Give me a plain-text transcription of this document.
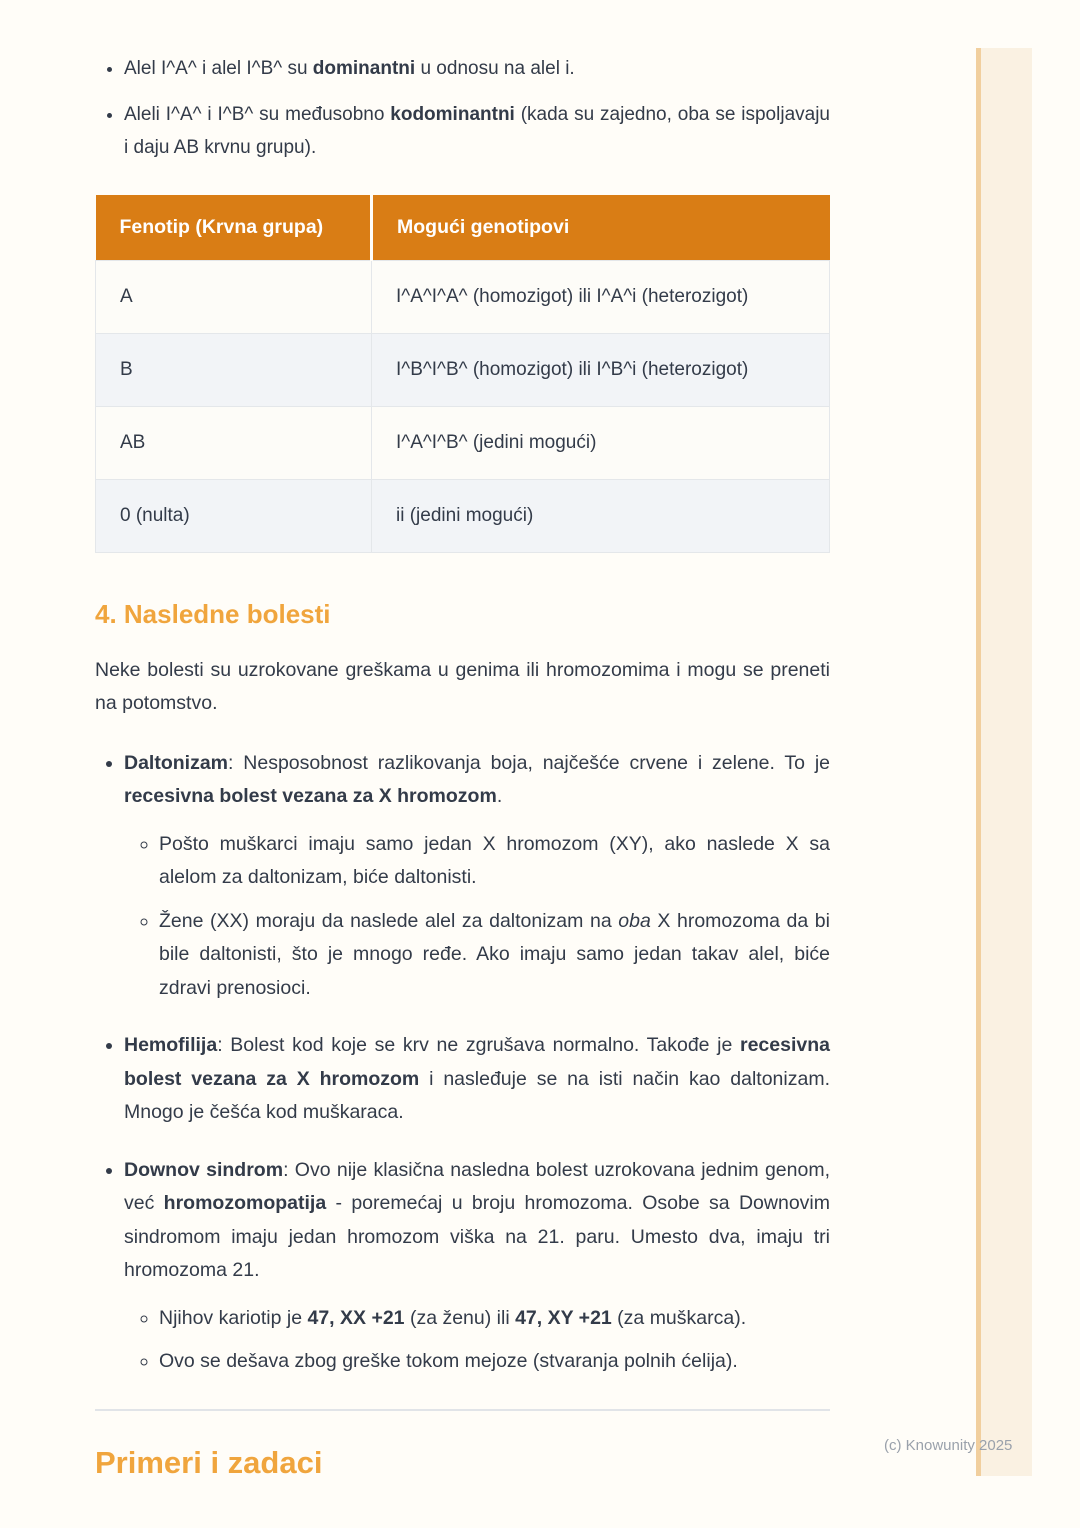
• Alel I^A^ i alel I^B^ su dominantni u odnosu na alel i.
• Aleli I^A^ i I^B^ su međusobno kodominantni (kada su zajedno, oba se ispoljavaju i daju AB krvnu grupu).
Fenotip (Krvna grupa)	Mogući genotipovi
A	I^A^I^A^ (homozigot) ili I^A^i (heterozigot)
B	I^B^I^B^ (homozigot) ili I^B^i (heterozigot)
AB	I^A^I^B^ (jedini mogući)
0 (nulta)	ii (jedini mogući)
4. Nasledne bolesti

Neke bolesti su uzrokovane greškama u genima ili hromozomima i mogu se preneti na potomstvo.

• Daltonizam: Nesposobnost razlikovanja boja, najčešće crvene i zelene. To je recesivna bolest vezana za X hromozom.
◦ Pošto muškarci imaju samo jedan X hromozom (XY), ako naslede X sa alelom za daltonizam, biće daltonisti.
◦ Žene (XX) moraju da naslede alel za daltonizam na oba X hromozoma da bi bile daltonisti, što je mnogo ređe. Ako imaju samo jedan takav alel, biće zdravi prenosioci.
• Hemofilija: Bolest kod koje se krv ne zgrušava normalno. Takođe je recesivna bolest vezana za X hromozom i nasleđuje se na isti način kao daltonizam. Mnogo je češća kod muškaraca.
• Downov sindrom: Ovo nije klasična nasledna bolest uzrokovana jednim genom, već hromozomopatija - poremećaj u broju hromozoma. Osobe sa Downovim sindromom imaju jedan hromozom viška na 21. paru. Umesto dva, imaju tri hromozoma 21.
◦ Njihov kariotip je 47, XX +21 (za ženu) ili 47, XY +21 (za muškarca).
◦ Ovo se dešava zbog greške tokom mejoze (stvaranja polnih ćelija).
Primeri i zadaci	(c) Knowunity 2025
